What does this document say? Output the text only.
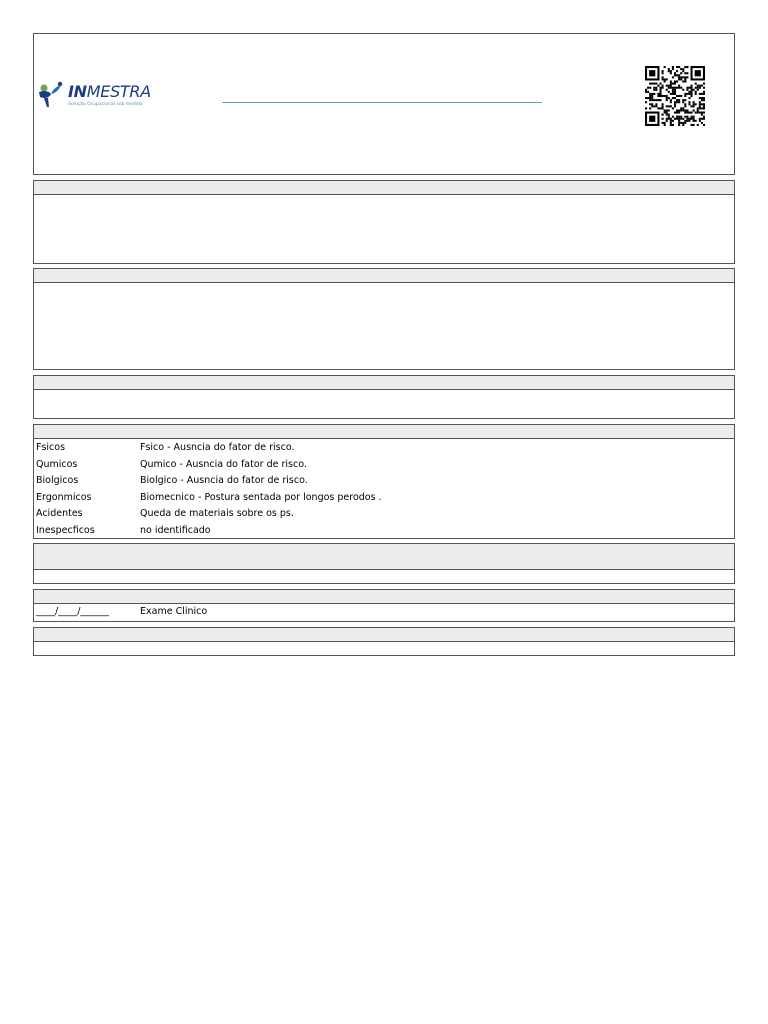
INMESTRA
Solução Ocupacional sob medida
Fsicos	Fsico - Ausncia do fator de risco.
Qumicos	Qumico - Ausncia do fator de risco.
Biolgicos	Biolgico - Ausncia do fator de risco.
Ergonmicos	Biomecnico - Postura sentada por longos perodos .
Acidentes	Queda de materiais sobre os ps.
Inespecficos	no identificado
____/____/______	Exame Clinico
